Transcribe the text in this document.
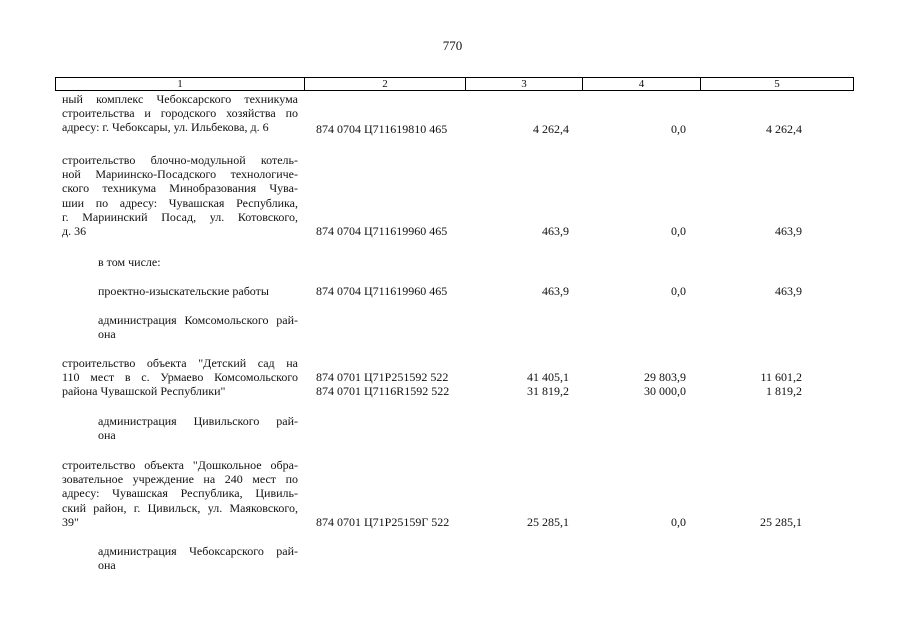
770
1	2	3	4	5
ный комплекс Чебоксарского техникума
строительства и городского хозяйства по
адресу: г. Чебоксары, ул. Ильбекова, д. 6	874 0704 Ц711619810 465	4 262,4	0,0	4 262,4
строительство блочно-модульной котель-
ной Мариинско-Посадского технологиче-
ского техникума Минобразования Чува-
шии по адресу: Чувашская Республика,
г. Мариинский Посад, ул. Котовского,
д. 36	874 0704 Ц711619960 465	463,9	0,0	463,9
в том числе:
проектно-изыскательские работы	874 0704 Ц711619960 465	463,9	0,0	463,9
администрация Комсомольского рай-
она
строительство объекта "Детский сад на
110 мест в с. Урмаево Комсомольского
района Чувашской Республики"
874 0701 Ц71Р251592 522	41 405,1	29 803,9	11 601,2
874 0701 Ц7116R1592 522	31 819,2	30 000,0	1 819,2
администрация Цивильского рай-
она
строительство объекта "Дошкольное обра-
зовательное учреждение на 240 мест по
адресу: Чувашская Республика, Цивиль-
ский район, г. Цивильск, ул. Маяковского,
39"	874 0701 Ц71Р25159Г 522	25 285,1	0,0	25 285,1
администрация Чебоксарского рай-
она
